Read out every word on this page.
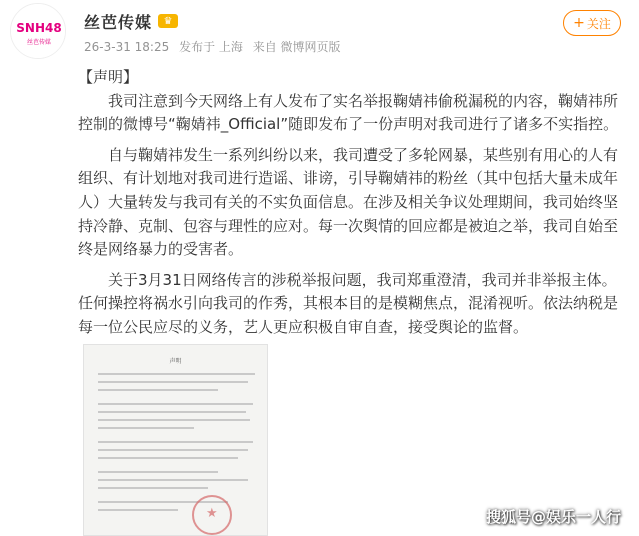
SNH48
丝芭传媒
丝芭传媒	♛
26-3-31 18:25 发布于 上海 来自 微博网页版
+ 关注

【声明】

我司注意到今天网络上有人发布了实名举报鞠婧祎偷税漏税的内容，鞠婧祎所控制的微博号“鞠婧祎_Official”随即发布了一份声明对我司进行了诸多不实指控。

自与鞠婧祎发生一系列纠纷以来，我司遭受了多轮网暴，某些别有用心的人有组织、有计划地对我司进行造谣、诽谤，引导鞠婧祎的粉丝（其中包括大量未成年人）大量转发与我司有关的不实负面信息。在涉及相关争议处理期间，我司始终坚持冷静、克制、包容与理性的应对。每一次舆情的回应都是被迫之举，我司自始至终是网络暴力的受害者。

关于3月31日网络传言的涉税举报问题，我司郑重澄清，我司并非举报主体。任何操控将祸水引向我司的作秀，其根本目的是模糊焦点，混淆视听。依法纳税是每一位公民应尽的义务，艺人更应积极自审自查，接受舆论的监督。

声明
★
搜狐号@娱乐一人行
